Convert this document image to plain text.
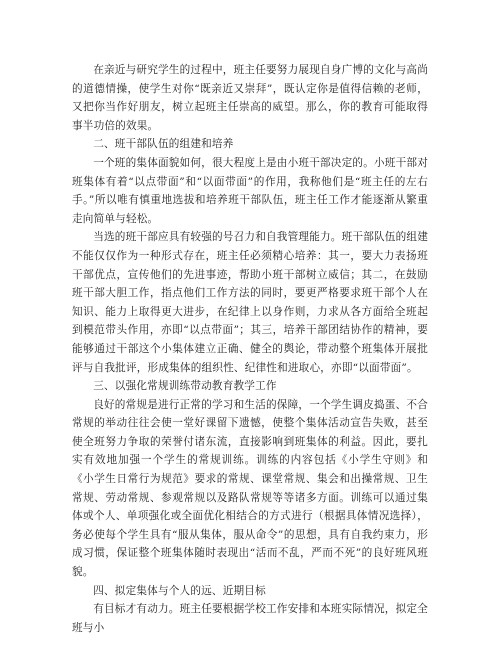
在亲近与研究学生的过程中，班主任要努力展现自身广博的文化与高尚的道德情操，使学生对你“既亲近又崇拜”，既认定你是值得信赖的老师，又把你当作好朋友，树立起班主任崇高的威望。那么，你的教育可能取得事半功倍的效果。

二、班干部队伍的组建和培养

一个班的集体面貌如何，很大程度上是由小班干部决定的。小班干部对班集体有着“以点带面”和“以面带面”的作用，我称他们是“班主任的左右手。”所以唯有慎重地选拔和培养班干部队伍，班主任工作才能逐渐从繁重走向简单与轻松。

当选的班干部应具有较强的号召力和自我管理能力。班干部队伍的组建不能仅仅作为一种形式存在，班主任必须精心培养：其一，要大力表扬班干部优点，宣传他们的先进事迹，帮助小班干部树立威信；其二，在鼓励班干部大胆工作，指点他们工作方法的同时，要更严格要求班干部个人在知识、能力上取得更大进步，在纪律上以身作则，力求从各方面给全班起到模范带头作用，亦即“以点带面”；其三，培养干部团结协作的精神，要能够通过干部这个小集体建立正确、健全的舆论，带动整个班集体开展批评与自我批评，形成集体的组织性、纪律性和进取心，亦即“以面带面”。

三、以强化常规训练带动教育教学工作

良好的常规是进行正常的学习和生活的保障，一个学生调皮捣蛋、不合常规的举动往往会使一堂好课留下遗憾，使整个集体活动宣告失败，甚至使全班努力争取的荣誉付诸东流，直接影响到班集体的利益。因此，要扎实有效地加强一个学生的常规训练。训练的内容包括《小学生守则》和《小学生日常行为规范》要求的常规、课堂常规、集会和出操常规、卫生常规、劳动常规、参观常规以及路队常规等等诸多方面。训练可以通过集体或个人、单项强化或全面优化相结合的方式进行（根据具体情况选择），务必使每个学生具有“服从集体，服从命令”的思想，具有自我约束力，形成习惯，保证整个班集体随时表现出“活而不乱，严而不死”的良好班风班貌。

四、拟定集体与个人的远、近期目标

有目标才有动力。班主任要根据学校工作安排和本班实际情况，拟定全班与小
